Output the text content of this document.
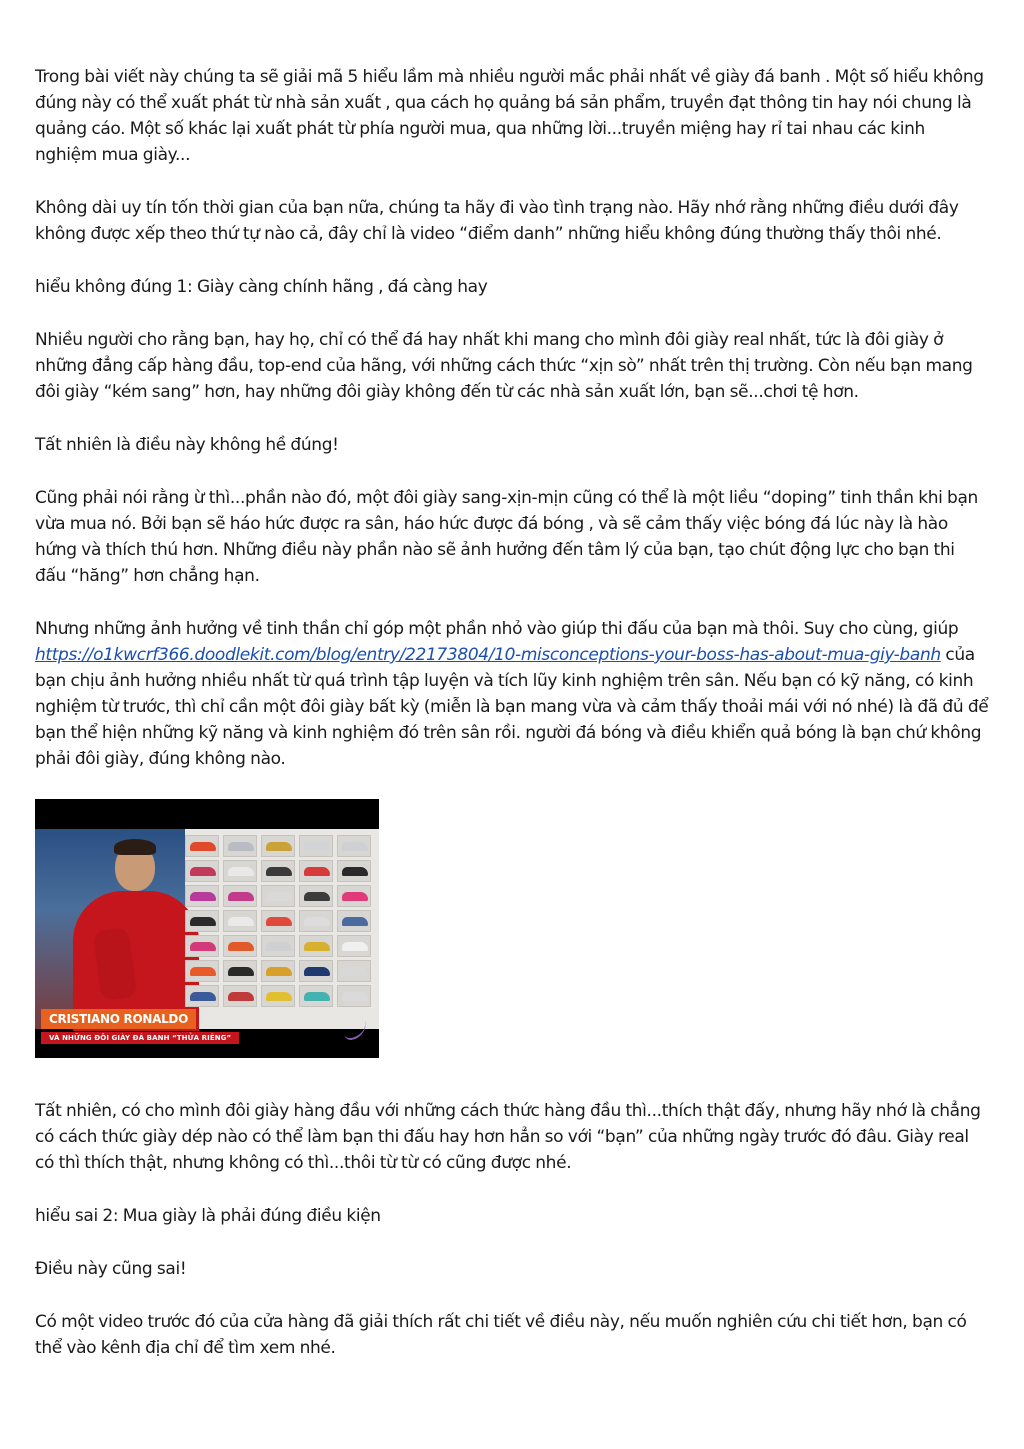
Trong bài viết này chúng ta sẽ giải mã 5 hiểu lầm mà nhiều người mắc phải nhất về giày đá banh . Một số hiểu không đúng này có thể xuất phát từ nhà sản xuất , qua cách họ quảng bá sản phẩm, truyền đạt thông tin hay nói chung là quảng cáo. Một số khác lại xuất phát từ phía người mua, qua những lời...truyền miệng hay rỉ tai nhau các kinh nghiệm mua giày...

Không dài uy tín tốn thời gian của bạn nữa, chúng ta hãy đi vào tình trạng nào. Hãy nhớ rằng những điều dưới đây không được xếp theo thứ tự nào cả, đây chỉ là video “điểm danh” những hiểu không đúng thường thấy thôi nhé.

hiểu không đúng 1: Giày càng chính hãng , đá càng hay

Nhiều người cho rằng bạn, hay họ, chỉ có thể đá hay nhất khi mang cho mình đôi giày real nhất, tức là đôi giày ở những đẳng cấp hàng đầu, top-end của hãng, với những cách thức “xịn sò” nhất trên thị trường. Còn nếu bạn mang đôi giày “kém sang” hơn, hay những đôi giày không đến từ các nhà sản xuất lớn, bạn sẽ...chơi tệ hơn.

Tất nhiên là điều này không hề đúng!

Cũng phải nói rằng ừ thì...phần nào đó, một đôi giày sang-xịn-mịn cũng có thể là một liều “doping” tinh thần khi bạn vừa mua nó. Bởi bạn sẽ háo hức được ra sân, háo hức được đá bóng , và sẽ cảm thấy việc bóng đá lúc này là hào hứng và thích thú hơn. Những điều này phần nào sẽ ảnh hưởng đến tâm lý của bạn, tạo chút động lực cho bạn thi đấu “hăng” hơn chẳng hạn.

Nhưng những ảnh hưởng về tinh thần chỉ góp một phần nhỏ vào giúp thi đấu của bạn mà thôi. Suy cho cùng, giúp https://o1kwcrf366.doodlekit.com/blog/entry/22173804/10-misconceptions-your-boss-has-about-mua-giy-banh của bạn chịu ảnh hưởng nhiều nhất từ quá trình tập luyện và tích lũy kinh nghiệm trên sân. Nếu bạn có kỹ năng, có kinh nghiệm từ trước, thì chỉ cần một đôi giày bất kỳ (miễn là bạn mang vừa và cảm thấy thoải mái với nó nhé) là đã đủ để bạn thể hiện những kỹ năng và kinh nghiệm đó trên sân rồi. người đá bóng và điều khiển quả bóng là bạn chứ không phải đôi giày, đúng không nào.

CRISTIANO RONALDO
VÀ NHỮNG ĐÔI GIÀY ĐÁ BANH “THỬA RIÊNG”

Tất nhiên, có cho mình đôi giày hàng đầu với những cách thức hàng đầu thì...thích thật đấy, nhưng hãy nhớ là chẳng có cách thức giày dép nào có thể làm bạn thi đấu hay hơn hẳn so với “bạn” của những ngày trước đó đâu. Giày real có thì thích thật, nhưng không có thì...thôi từ từ có cũng được nhé.

hiểu sai 2: Mua giày là phải đúng điều kiện

Điều này cũng sai!

Có một video trước đó của cửa hàng đã giải thích rất chi tiết về điều này, nếu muốn nghiên cứu chi tiết hơn, bạn có thể vào kênh địa chỉ để tìm xem nhé.
